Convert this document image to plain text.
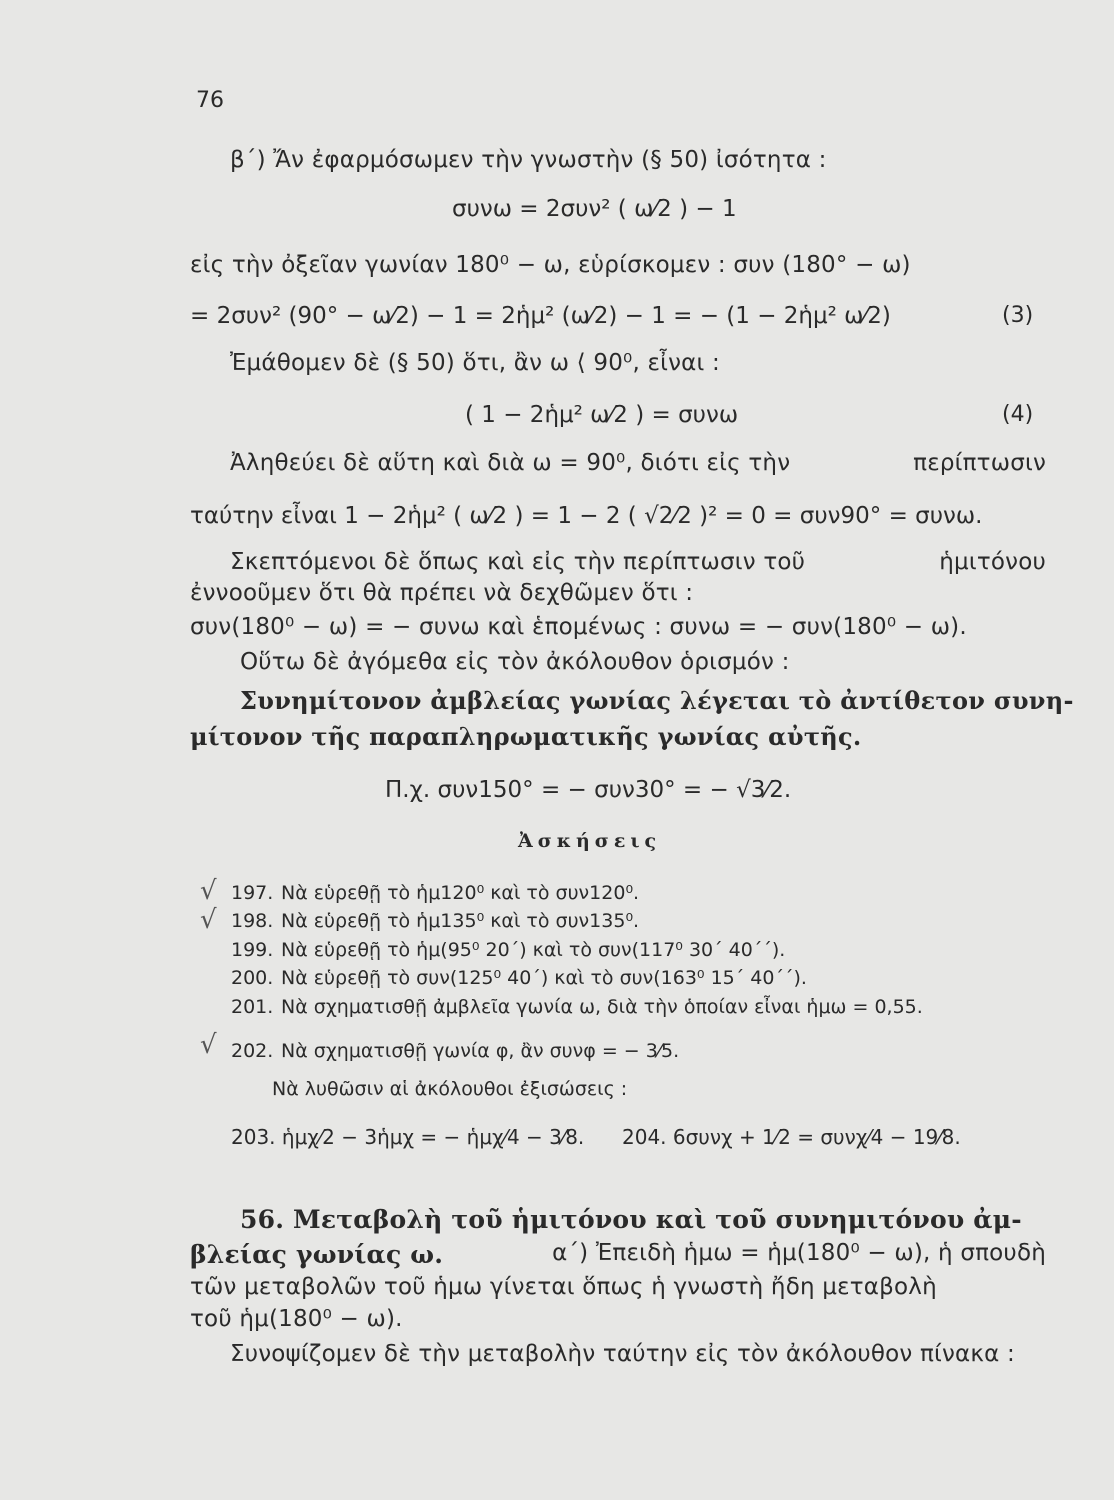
76
β΄) Ἄν ἐφαρμόσωμεν τὴν γνωστὴν (§ 50) ἰσότητα :
συνω = 2συν² ( ω⁄2 ) − 1
εἰς τὴν ὀξεῖαν γωνίαν 180⁰ − ω, εὑρίσκομεν : συν (180° − ω)
= 2συν² (90° − ω⁄2) − 1 = 2ἡμ² (ω⁄2) − 1 = − (1 − 2ἡμ² ω⁄2)	(3)
Ἐμάθομεν δὲ (§ 50) ὅτι, ἂν ω ⟨ 90⁰, εἶναι :
( 1 − 2ἡμ² ω⁄2 ) = συνω	(4)
Ἀληθεύει δὲ αὕτη καὶ διὰ ω = 90⁰, διότι εἰς τὴν	περίπτωσιν
ταύτην εἶναι 1 − 2ἡμ² ( ω⁄2 ) = 1 − 2 ( √2⁄2 )² = 0 = συν90° = συνω.
Σκεπτόμενοι δὲ ὅπως καὶ εἰς τὴν περίπτωσιν τοῦ	ἡμιτόνου
ἐννοοῦμεν ὅτι θὰ πρέπει νὰ δεχθῶμεν ὅτι :
συν(180⁰ − ω) = − συνω καὶ ἑπομένως : συνω = − συν(180⁰ − ω).
Οὕτω δὲ ἀγόμεθα εἰς τὸν ἀκόλουθον ὁρισμόν :
Συνημίτονον ἀμβλείας γωνίας λέγεται τὸ ἀντίθετον συνη-
μίτονον τῆς παραπληρωματικῆς γωνίας αὐτῆς.
Π.χ. συν150° = − συν30° = − √3⁄2.
Ἀσκήσεις
√
√
√
197. Νὰ εὑρεθῇ τὸ ἡμ120⁰ καὶ τὸ συν120⁰.
198. Νὰ εὑρεθῇ τὸ ἡμ135⁰ καὶ τὸ συν135⁰.
199. Νὰ εὑρεθῇ τὸ ἡμ(95⁰ 20΄) καὶ τὸ συν(117⁰ 30΄ 40΄΄).
200. Νὰ εὑρεθῇ τὸ συν(125⁰ 40΄) καὶ τὸ συν(163⁰ 15΄ 40΄΄).
201. Νὰ σχηματισθῇ ἀμβλεῖα γωνία ω, διὰ τὴν ὁποίαν εἶναι ἡμω = 0,55.
202. Νὰ σχηματισθῇ γωνία φ, ἂν συνφ = − 3⁄5.
Νὰ λυθῶσιν αἱ ἀκόλουθοι ἐξισώσεις :
203. ἡμχ⁄2 − 3ἡμχ = − ἡμχ⁄4 − 3⁄8. 204. 6συνχ + 1⁄2 = συνχ⁄4 − 19⁄8.
56. Μεταβολὴ τοῦ ἡμιτόνου καὶ τοῦ συνημιτόνου ἀμ-
βλείας γωνίας ω.	α΄) Ἐπειδὴ ἡμω = ἡμ(180⁰ − ω), ἡ σπουδὴ
τῶν μεταβολῶν τοῦ ἡμω γίνεται ὅπως ἡ γνωστὴ ἤδη μεταβολὴ
τοῦ ἡμ(180⁰ − ω).
Συνοψίζομεν δὲ τὴν μεταβολὴν ταύτην εἰς τὸν ἀκόλουθον πίνακα :
